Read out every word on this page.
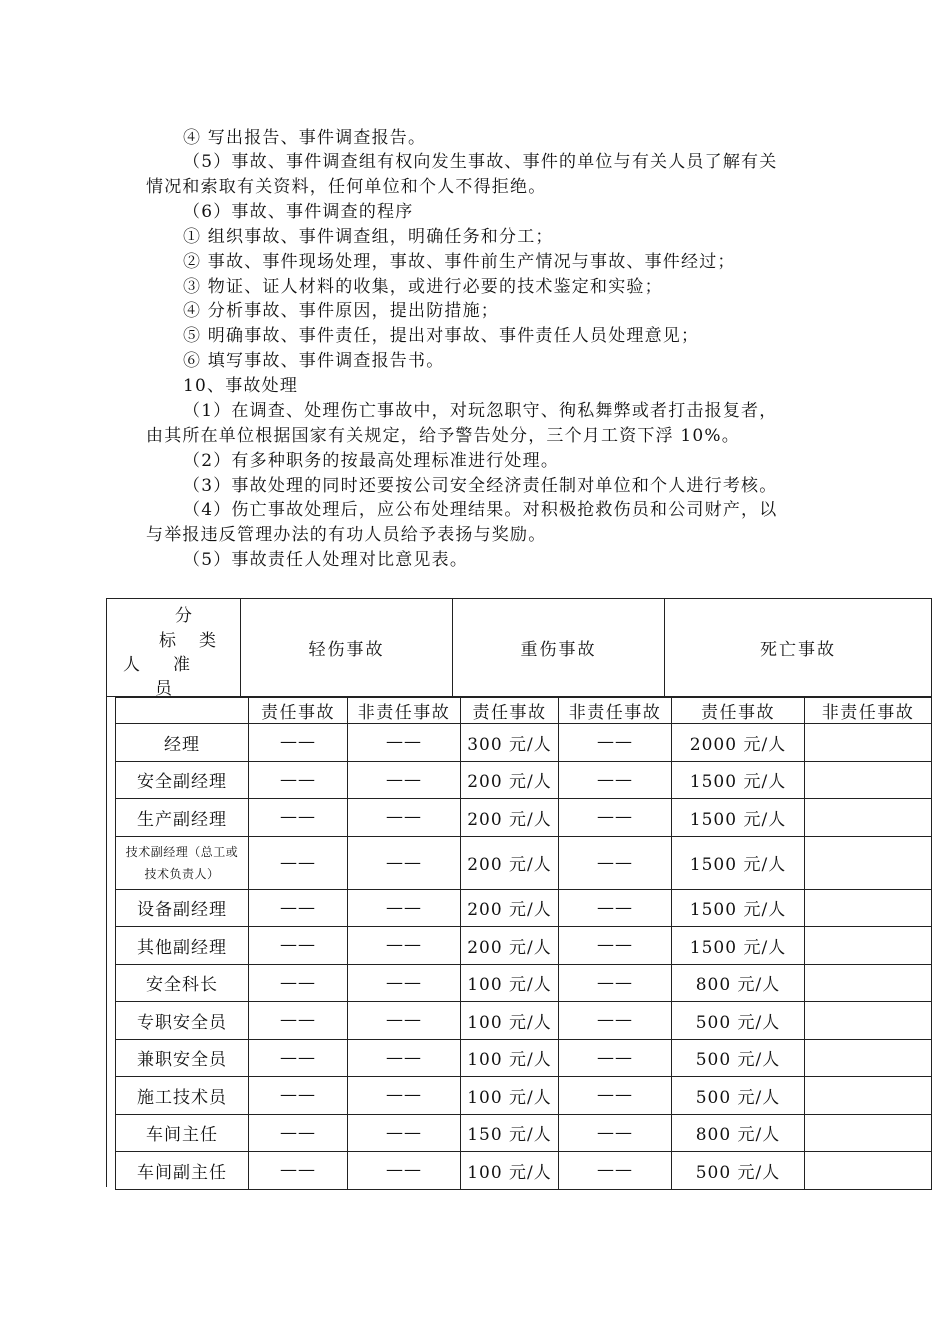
④ 写出报告、事件调查报告。
（5）事故、事件调查组有权向发生事故、事件的单位与有关人员了解有关
情况和索取有关资料，任何单位和个人不得拒绝。
（6）事故、事件调查的程序
① 组织事故、事件调查组，明确任务和分工；
② 事故、事件现场处理，事故、事件前生产情况与事故、事件经过；
③ 物证、证人材料的收集，或进行必要的技术鉴定和实验；
④ 分析事故、事件原因，提出防措施；
⑤ 明确事故、事件责任，提出对事故、事件责任人员处理意见；
⑥ 填写事故、事件调查报告书。
10、事故处理
（1）在调查、处理伤亡事故中，对玩忽职守、徇私舞弊或者打击报复者，
由其所在单位根据国家有关规定，给予警告处分，三个月工资下浮 10%。
（2）有多种职务的按最高处理标准进行处理。
（3）事故处理的同时还要按公司安全经济责任制对单位和个人进行考核。
（4）伤亡事故处理后，应公布处理结果。对积极抢救伤员和公司财产，以
与举报违反管理办法的有功人员给予表扬与奖励。
（5）事故责任人处理对比意见表。
分
标 类
人 准
员
	轻伤事故	重伤事故	死亡事故
	责任事故	非责任事故	责任事故	非责任事故	责任事故	非责任事故
经理	——	——	300 元/人	——	2000 元/人	
安全副经理	——	——	200 元/人	——	1500 元/人	
生产副经理	——	——	200 元/人	——	1500 元/人	
技术副经理（总工或技术负责人）	——	——	200 元/人	——	1500 元/人	
设备副经理	——	——	200 元/人	——	1500 元/人	
其他副经理	——	——	200 元/人	——	1500 元/人	
安全科长	——	——	100 元/人	——	800 元/人	
专职安全员	——	——	100 元/人	——	500 元/人	
兼职安全员	——	——	100 元/人	——	500 元/人	
施工技术员	——	——	100 元/人	——	500 元/人	
车间主任	——	——	150 元/人	——	800 元/人	
车间副主任	——	——	100 元/人	——	500 元/人	
